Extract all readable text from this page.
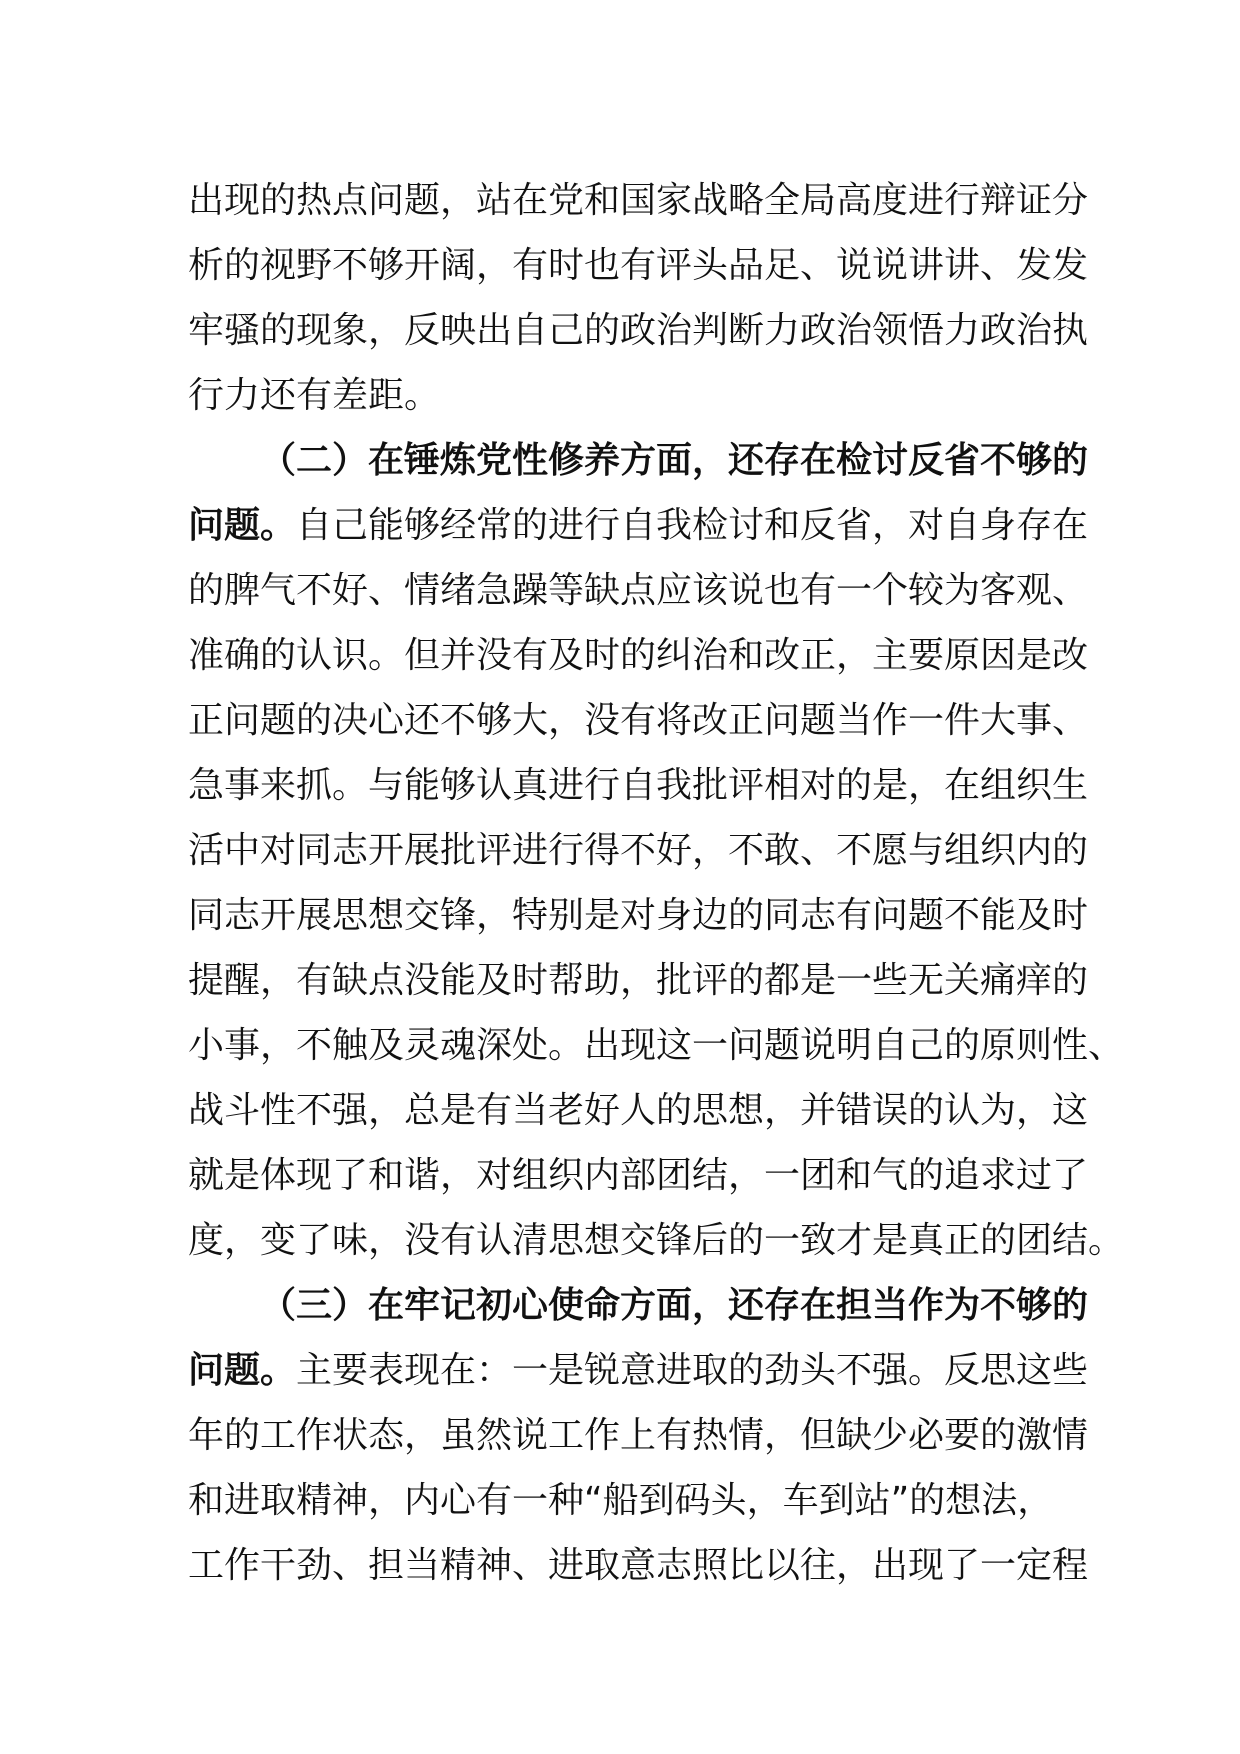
出现的热点问题，站在党和国家战略全局高度进行辩证分
析的视野不够开阔，有时也有评头品足、说说讲讲、发发
牢骚的现象，反映出自己的政治判断力政治领悟力政治执
行力还有差距。
（二）在锤炼党性修养方面，还存在检讨反省不够的
问题。自己能够经常的进行自我检讨和反省，对自身存在
的脾气不好、情绪急躁等缺点应该说也有一个较为客观、
准确的认识。但并没有及时的纠治和改正，主要原因是改
正问题的决心还不够大，没有将改正问题当作一件大事、
急事来抓。与能够认真进行自我批评相对的是，在组织生
活中对同志开展批评进行得不好，不敢、不愿与组织内的
同志开展思想交锋，特别是对身边的同志有问题不能及时
提醒，有缺点没能及时帮助，批评的都是一些无关痛痒的
小事，不触及灵魂深处。出现这一问题说明自己的原则性、
战斗性不强，总是有当老好人的思想，并错误的认为，这
就是体现了和谐，对组织内部团结，一团和气的追求过了
度，变了味，没有认清思想交锋后的一致才是真正的团结。
（三）在牢记初心使命方面，还存在担当作为不够的
问题。主要表现在：一是锐意进取的劲头不强。反思这些
年的工作状态，虽然说工作上有热情，但缺少必要的激情
和进取精神，内心有一种“船到码头，车到站”的想法，
工作干劲、担当精神、进取意志照比以往，出现了一定程
